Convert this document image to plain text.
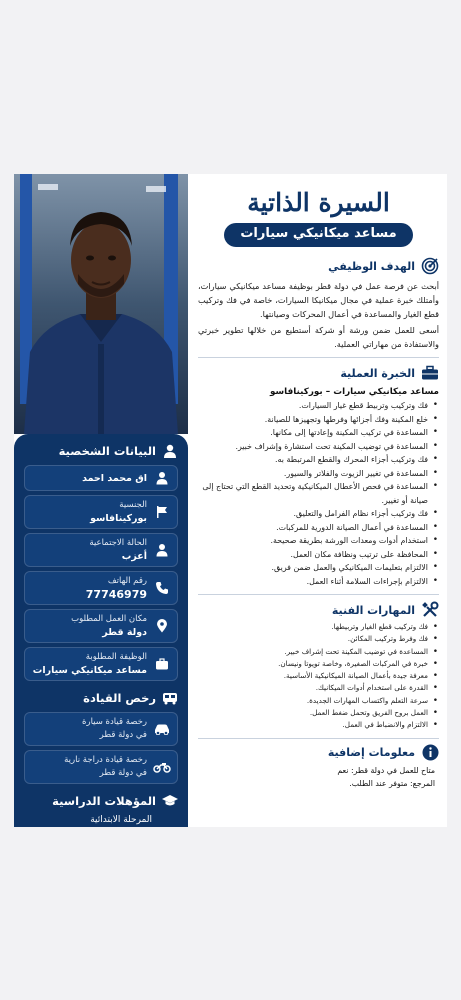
البيانات الشخصية
اق محمد احمد
الجنسية
بوركينافاسو
الحالة الاجتماعية
أعزب
رقم الهاتف
77746979
مكان العمل المطلوب
دولة قطر
الوظيفة المطلوبة
مساعد ميكانيكي سيارات
رخص القيادة
رخصة قيادة سيارة
في دولة قطر
رخصة قيادة دراجة نارية
في دولة قطر
المؤهلات الدراسية
المرحلة الابتدائية
السيرة الذاتية
مساعد ميكانيكي سيارات
الهدف الوظيفي
أبحث عن فرصة عمل في دولة قطر بوظيفة مساعد ميكانيكي سيارات، وأمتلك خبرة عملية في مجال ميكانيكا السيارات، خاصة في فك وتركيب قطع الغيار والمساعدة في أعمال المحركات وصيانتها.
أسعى للعمل ضمن ورشة أو شركة أستطيع من خلالها تطوير خبرتي والاستفادة من مهاراتي العملية.
الخبرة العملية
مساعد ميكانيكي سيارات – بوركينافاسو
• فك وتركيب وتربيط قطع غيار السيارات.
• خلع المكينة وفك أجزائها وفرطها وتجهيزها للصيانة.
• المساعدة في تركيب المكينة وإعادتها إلى مكانها.
• المساعدة في توضيب المكينة تحت استشارة وإشراف خبير.
• فك وتركيب أجزاء المحرك والقطع المرتبطة به.
• المساعدة في تغيير الزيوت والفلاتر والسيور.
• المساعدة في فحص الأعطال الميكانيكية وتحديد القطع التي تحتاج إلى صيانة أو تغيير.
• فك وتركيب أجزاء نظام الفرامل والتعليق.
• المساعدة في أعمال الصيانة الدورية للمركبات.
• استخدام أدوات ومعدات الورشة بطريقة صحيحة.
• المحافظة على ترتيب ونظافة مكان العمل.
• الالتزام بتعليمات الميكانيكي والعمل ضمن فريق.
• الالتزام بإجراءات السلامة أثناء العمل.
المهارات الفنية
• فك وتركيب قطع الغيار وتربيطها.
• فك وفرط وتركيب المكائن.
• المساعدة في توضيب المكينة تحت إشراف خبير.
• خبرة في المركبات الصغيرة، وخاصة تويوتا ونيسان.
• معرفة جيدة بأعمال الصيانة الميكانيكية الأساسية.
• القدرة على استخدام أدوات الميكانيك.
• سرعة التعلم واكتساب المهارات الجديدة.
• العمل بروح الفريق وتحمل ضغط العمل.
• الالتزام والانضباط في العمل.
معلومات إضافية
متاح للعمل في دولة قطر: نعم
المرجع: متوفر عند الطلب.
